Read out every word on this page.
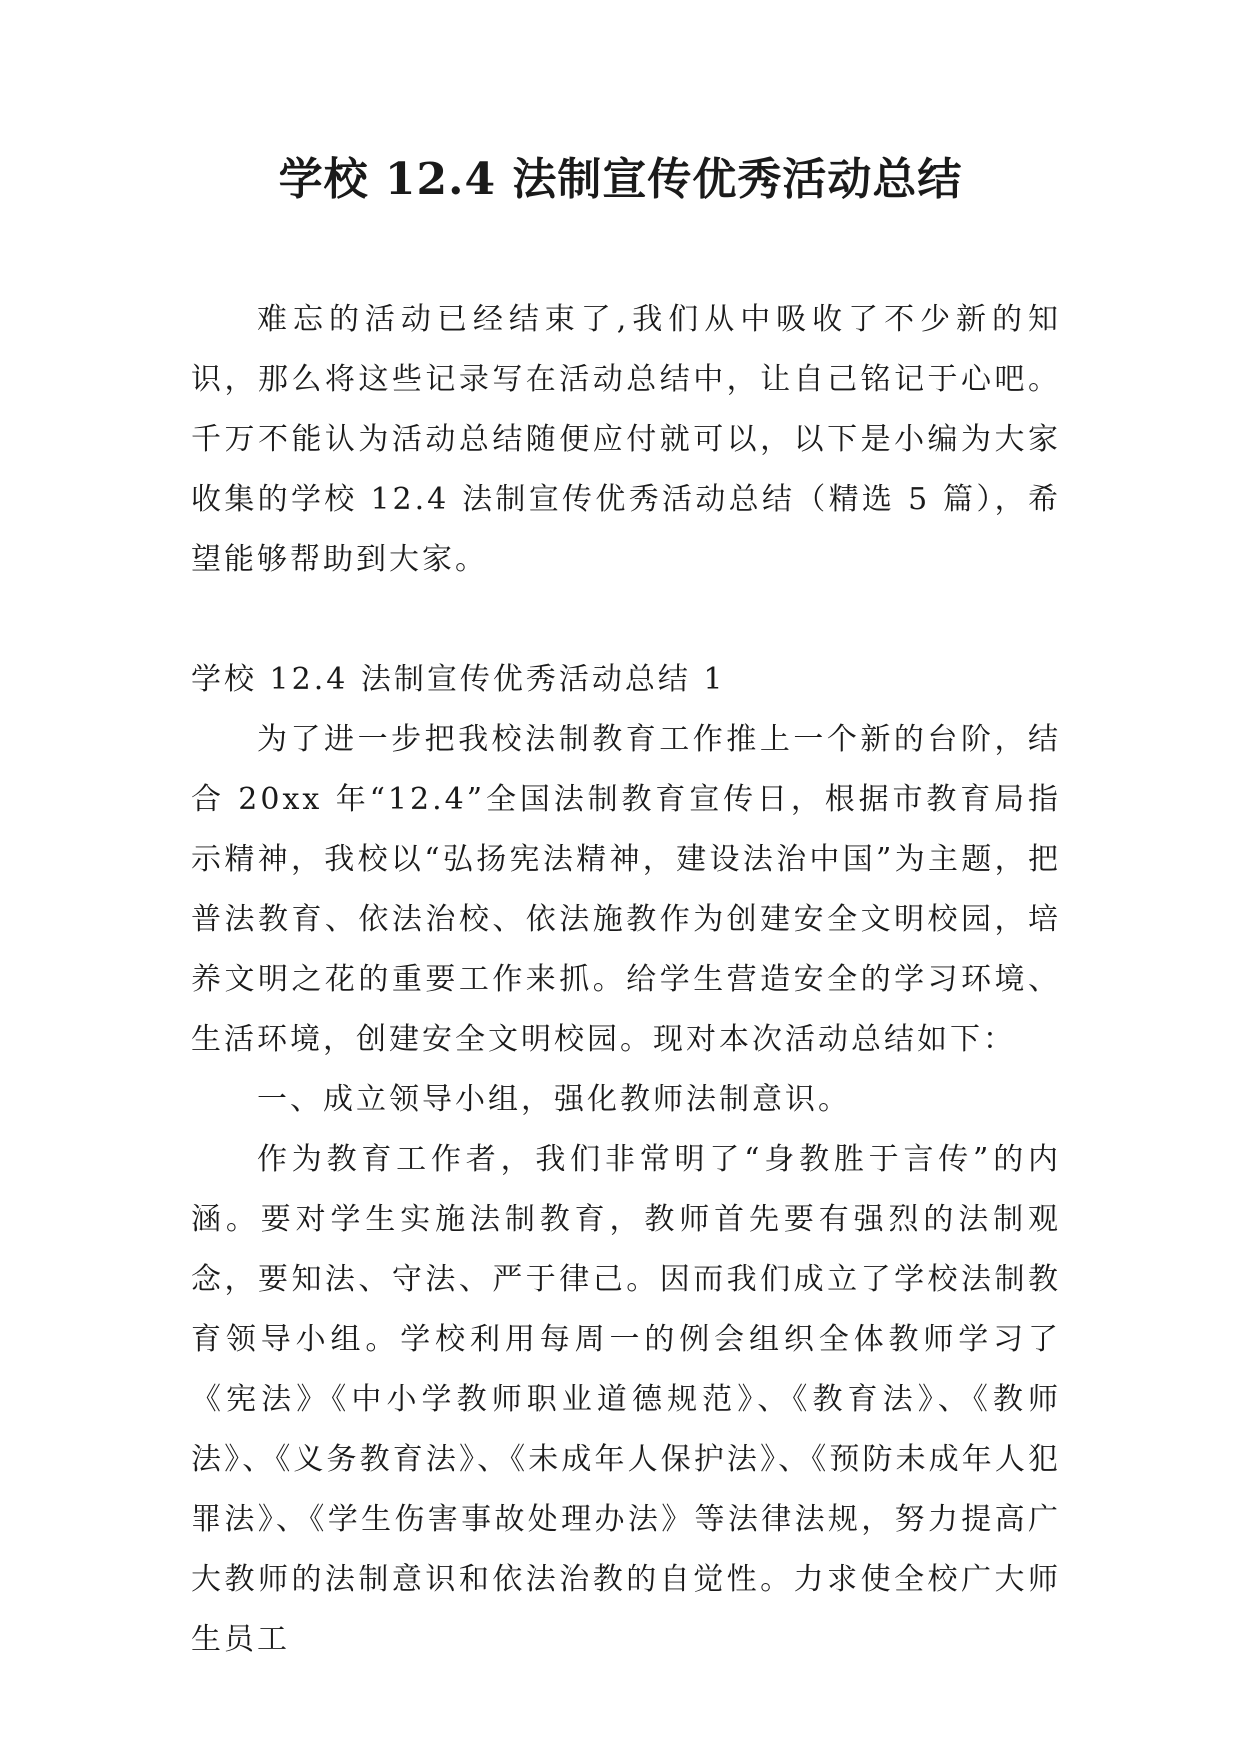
学校 12.4 法制宣传优秀活动总结

难忘的活动已经结束了,我们从中吸收了不少新的知识，那么将这些记录写在活动总结中，让自己铭记于心吧。千万不能认为活动总结随便应付就可以，以下是小编为大家收集的学校 12.4 法制宣传优秀活动总结（精选 5 篇），希望能够帮助到大家。

学校 12.4 法制宣传优秀活动总结 1

为了进一步把我校法制教育工作推上一个新的台阶，结合 20xx 年“12.4”全国法制教育宣传日，根据市教育局指示精神，我校以“弘扬宪法精神，建设法治中国”为主题，把普法教育、依法治校、依法施教作为创建安全文明校园，培养文明之花的重要工作来抓。给学生营造安全的学习环境、生活环境，创建安全文明校园。现对本次活动总结如下：

一、成立领导小组，强化教师法制意识。

作为教育工作者，我们非常明了“身教胜于言传”的内涵。要对学生实施法制教育，教师首先要有强烈的法制观念，要知法、守法、严于律己。因而我们成立了学校法制教育领导小组。学校利用每周一的例会组织全体教师学习了《宪法》《中小学教师职业道德规范》、《教育法》、《教师法》、《义务教育法》、《未成年人保护法》、《预防未成年人犯罪法》、《学生伤害事故处理办法》等法律法规，努力提高广大教师的法制意识和依法治教的自觉性。力求使全校广大师生员工
